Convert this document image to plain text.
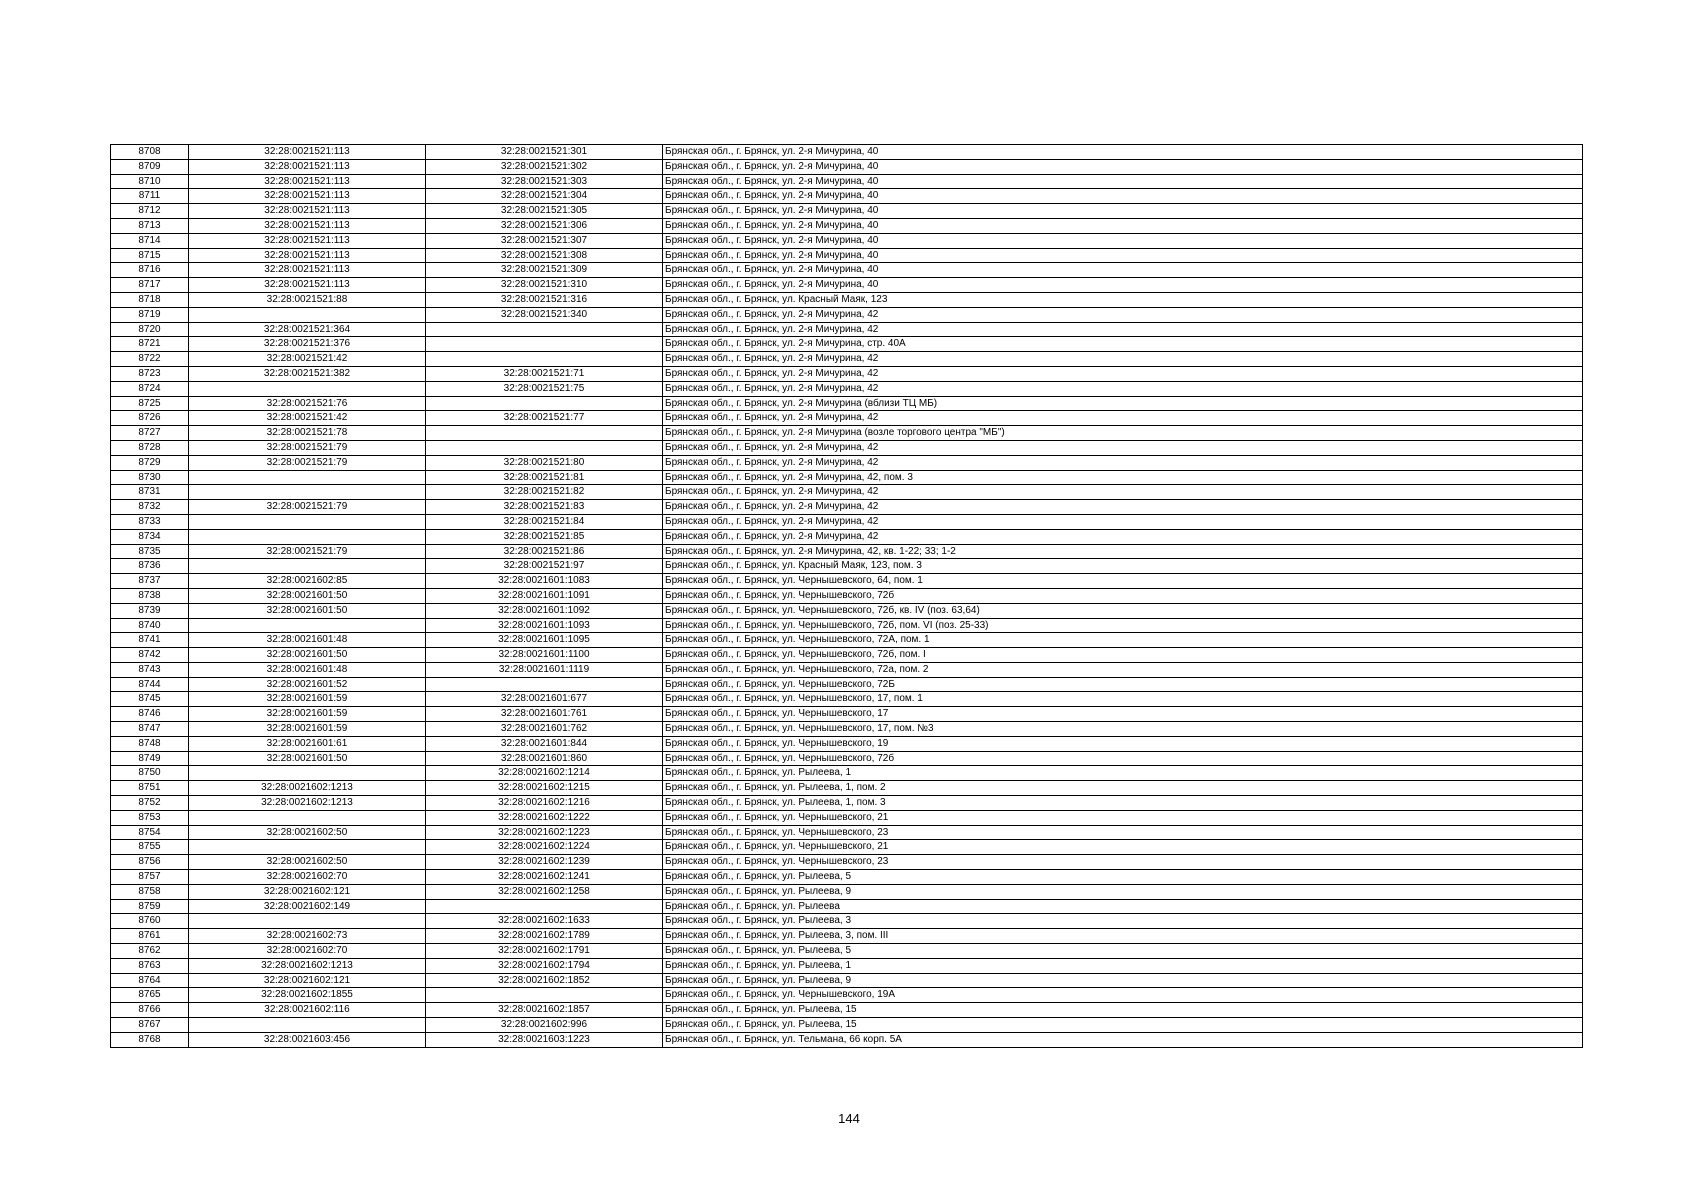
8708	32:28:0021521:113	32:28:0021521:301	Брянская обл., г. Брянск, ул. 2-я Мичурина, 40
8709	32:28:0021521:113	32:28:0021521:302	Брянская обл., г. Брянск, ул. 2-я Мичурина, 40
8710	32:28:0021521:113	32:28:0021521:303	Брянская обл., г. Брянск, ул. 2-я Мичурина, 40
8711	32:28:0021521:113	32:28:0021521:304	Брянская обл., г. Брянск, ул. 2-я Мичурина, 40
8712	32:28:0021521:113	32:28:0021521:305	Брянская обл., г. Брянск, ул. 2-я Мичурина, 40
8713	32:28:0021521:113	32:28:0021521:306	Брянская обл., г. Брянск, ул. 2-я Мичурина, 40
8714	32:28:0021521:113	32:28:0021521:307	Брянская обл., г. Брянск, ул. 2-я Мичурина, 40
8715	32:28:0021521:113	32:28:0021521:308	Брянская обл., г. Брянск, ул. 2-я Мичурина, 40
8716	32:28:0021521:113	32:28:0021521:309	Брянская обл., г. Брянск, ул. 2-я Мичурина, 40
8717	32:28:0021521:113	32:28:0021521:310	Брянская обл., г. Брянск, ул. 2-я Мичурина, 40
8718	32:28:0021521:88	32:28:0021521:316	Брянская обл., г. Брянск, ул. Красный Маяк, 123
8719		32:28:0021521:340	Брянская обл., г. Брянск, ул. 2-я Мичурина, 42
8720	32:28:0021521:364		Брянская обл., г. Брянск, ул. 2-я Мичурина, 42
8721	32:28:0021521:376		Брянская обл., г. Брянск, ул. 2-я Мичурина, стр. 40А
8722	32:28:0021521:42		Брянская обл., г. Брянск, ул. 2-я Мичурина, 42
8723	32:28:0021521:382	32:28:0021521:71	Брянская обл., г. Брянск, ул. 2-я Мичурина, 42
8724		32:28:0021521:75	Брянская обл., г. Брянск, ул. 2-я Мичурина, 42
8725	32:28:0021521:76		Брянская обл., г. Брянск, ул. 2-я Мичурина (вблизи ТЦ МБ)
8726	32:28:0021521:42	32:28:0021521:77	Брянская обл., г. Брянск, ул. 2-я Мичурина, 42
8727	32:28:0021521:78		Брянская обл., г. Брянск, ул. 2-я Мичурина (возле торгового центра "МБ")
8728	32:28:0021521:79		Брянская обл., г. Брянск, ул. 2-я Мичурина, 42
8729	32:28:0021521:79	32:28:0021521:80	Брянская обл., г. Брянск, ул. 2-я Мичурина, 42
8730		32:28:0021521:81	Брянская обл., г. Брянск, ул. 2-я Мичурина, 42, пом. 3
8731		32:28:0021521:82	Брянская обл., г. Брянск, ул. 2-я Мичурина, 42
8732	32:28:0021521:79	32:28:0021521:83	Брянская обл., г. Брянск, ул. 2-я Мичурина, 42
8733		32:28:0021521:84	Брянская обл., г. Брянск, ул. 2-я Мичурина, 42
8734		32:28:0021521:85	Брянская обл., г. Брянск, ул. 2-я Мичурина, 42
8735	32:28:0021521:79	32:28:0021521:86	Брянская обл., г. Брянск, ул. 2-я Мичурина, 42, кв. 1-22; 33; 1-2
8736		32:28:0021521:97	Брянская обл., г. Брянск, ул. Красный Маяк, 123, пом. 3
8737	32:28:0021602:85	32:28:0021601:1083	Брянская обл., г. Брянск, ул. Чернышевского, 64, пом. 1
8738	32:28:0021601:50	32:28:0021601:1091	Брянская обл., г. Брянск, ул. Чернышевского, 72б
8739	32:28:0021601:50	32:28:0021601:1092	Брянская обл., г. Брянск, ул. Чернышевского, 72б, кв. IV (поз. 63,64)
8740		32:28:0021601:1093	Брянская обл., г. Брянск, ул. Чернышевского, 72б, пом. VI (поз. 25-33)
8741	32:28:0021601:48	32:28:0021601:1095	Брянская обл., г. Брянск, ул. Чернышевского, 72А, пом. 1
8742	32:28:0021601:50	32:28:0021601:1100	Брянская обл., г. Брянск, ул. Чернышевского, 72б, пом. I
8743	32:28:0021601:48	32:28:0021601:1119	Брянская обл., г. Брянск, ул. Чернышевского, 72а, пом. 2
8744	32:28:0021601:52		Брянская обл., г. Брянск, ул. Чернышевского, 72Б
8745	32:28:0021601:59	32:28:0021601:677	Брянская обл., г. Брянск, ул. Чернышевского, 17, пом. 1
8746	32:28:0021601:59	32:28:0021601:761	Брянская обл., г. Брянск, ул. Чернышевского, 17
8747	32:28:0021601:59	32:28:0021601:762	Брянская обл., г. Брянск, ул. Чернышевского, 17, пом. №3
8748	32:28:0021601:61	32:28:0021601:844	Брянская обл., г. Брянск, ул. Чернышевского, 19
8749	32:28:0021601:50	32:28:0021601:860	Брянская обл., г. Брянск, ул. Чернышевского, 72б
8750		32:28:0021602:1214	Брянская обл., г. Брянск, ул. Рылеева, 1
8751	32:28:0021602:1213	32:28:0021602:1215	Брянская обл., г. Брянск, ул. Рылеева, 1, пом. 2
8752	32:28:0021602:1213	32:28:0021602:1216	Брянская обл., г. Брянск, ул. Рылеева, 1, пом. 3
8753		32:28:0021602:1222	Брянская обл., г. Брянск, ул. Чернышевского, 21
8754	32:28:0021602:50	32:28:0021602:1223	Брянская обл., г. Брянск, ул. Чернышевского, 23
8755		32:28:0021602:1224	Брянская обл., г. Брянск, ул. Чернышевского, 21
8756	32:28:0021602:50	32:28:0021602:1239	Брянская обл., г. Брянск, ул. Чернышевского, 23
8757	32:28:0021602:70	32:28:0021602:1241	Брянская обл., г. Брянск, ул. Рылеева, 5
8758	32:28:0021602:121	32:28:0021602:1258	Брянская обл., г. Брянск, ул. Рылеева, 9
8759	32:28:0021602:149		Брянская обл., г. Брянск, ул. Рылеева
8760		32:28:0021602:1633	Брянская обл., г. Брянск, ул. Рылеева, 3
8761	32:28:0021602:73	32:28:0021602:1789	Брянская обл., г. Брянск, ул. Рылеева, 3, пом. III
8762	32:28:0021602:70	32:28:0021602:1791	Брянская обл., г. Брянск, ул. Рылеева, 5
8763	32:28:0021602:1213	32:28:0021602:1794	Брянская обл., г. Брянск, ул. Рылеева, 1
8764	32:28:0021602:121	32:28:0021602:1852	Брянская обл., г. Брянск, ул. Рылеева, 9
8765	32:28:0021602:1855		Брянская обл., г. Брянск, ул. Чернышевского, 19А
8766	32:28:0021602:116	32:28:0021602:1857	Брянская обл., г. Брянск, ул. Рылеева, 15
8767		32:28:0021602:996	Брянская обл., г. Брянск, ул. Рылеева, 15
8768	32:28:0021603:456	32:28:0021603:1223	Брянская обл., г. Брянск, ул. Тельмана, 66 корп. 5А
144
